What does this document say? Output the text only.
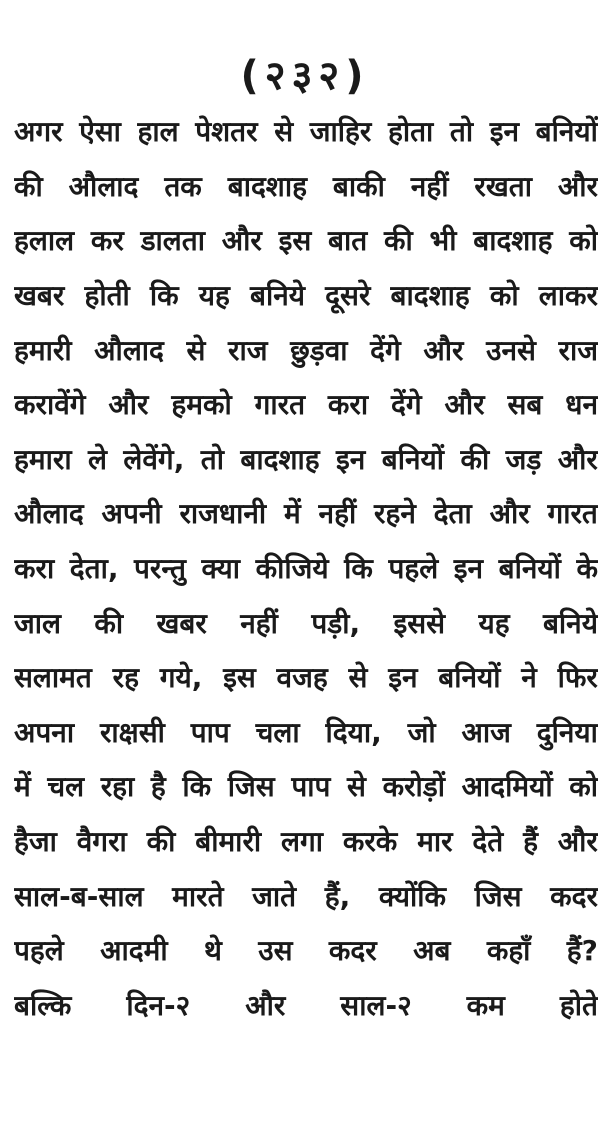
(२३२)
अगर ऐसा हाल पेशतर से जाहिर होता तो इन बनियों
की औलाद तक बादशाह बाकी नहीं रखता और
हलाल कर डालता और इस बात की भी बादशाह को
खबर होती कि यह बनिये दूसरे बादशाह को लाकर
हमारी औलाद से राज छुड़वा देंगे और उनसे राज
करावेंगे और हमको गारत करा देंगे और सब धन
हमारा ले लेवेंगे, तो बादशाह इन बनियों की जड़ और
औलाद अपनी राजधानी में नहीं रहने देता और गारत
करा देता, परन्तु क्या कीजिये कि पहले इन बनियों के
जाल की खबर नहीं पड़ी, इससे यह बनिये
सलामत रह गये, इस वजह से इन बनियों ने फिर
अपना राक्षसी पाप चला दिया, जो आज दुनिया
में चल रहा है कि जिस पाप से करोड़ों आदमियों को
हैजा वैगरा की बीमारी लगा करके मार देते हैं और
साल-ब-साल मारते जाते हैं, क्योंकि जिस कदर
पहले आदमी थे उस कदर अब कहाँ हैं?
बल्कि दिन-२ और साल-२ कम होते
